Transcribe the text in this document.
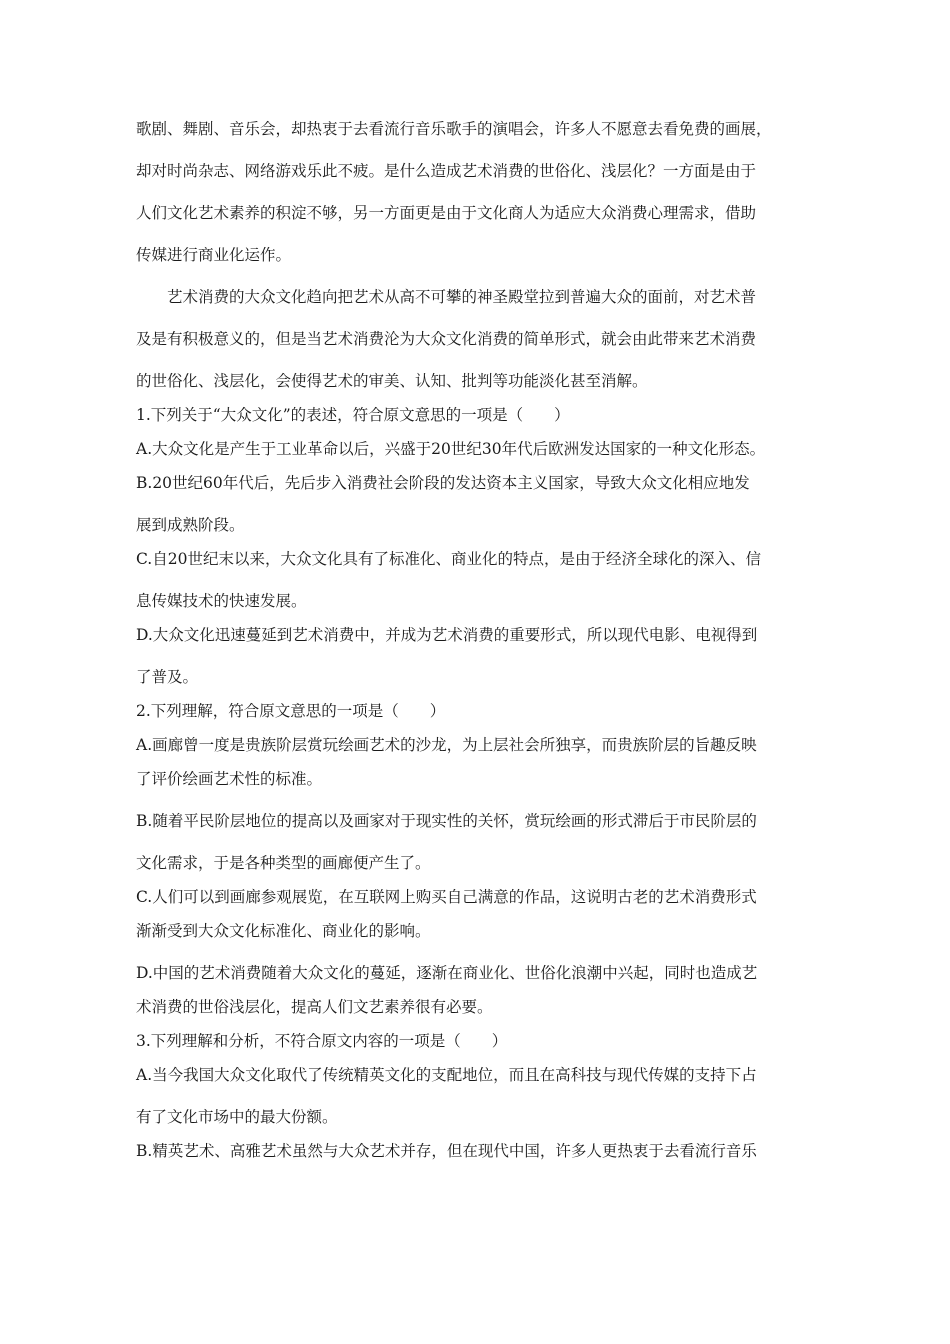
歌剧、舞剧、音乐会，却热衷于去看流行音乐歌手的演唱会，许多人不愿意去看免费的画展，
却对时尚杂志、网络游戏乐此不疲。是什么造成艺术消费的世俗化、浅层化？一方面是由于
人们文化艺术素养的积淀不够，另一方面更是由于文化商人为适应大众消费心理需求，借助
传媒进行商业化运作。
艺术消费的大众文化趋向把艺术从高不可攀的神圣殿堂拉到普遍大众的面前，对艺术普
及是有积极意义的，但是当艺术消费沦为大众文化消费的简单形式，就会由此带来艺术消费
的世俗化、浅层化，会使得艺术的审美、认知、批判等功能淡化甚至消解。
1.下列关于“大众文化”的表述，符合原文意思的一项是（　　）
A.大众文化是产生于工业革命以后，兴盛于20世纪30年代后欧洲发达国家的一种文化形态。
B.20世纪60年代后，先后步入消费社会阶段的发达资本主义国家，导致大众文化相应地发
展到成熟阶段。
C.自20世纪末以来，大众文化具有了标准化、商业化的特点，是由于经济全球化的深入、信
息传媒技术的快速发展。
D.大众文化迅速蔓延到艺术消费中，并成为艺术消费的重要形式，所以现代电影、电视得到
了普及。
2.下列理解，符合原文意思的一项是（　　）
A.画廊曾一度是贵族阶层赏玩绘画艺术的沙龙，为上层社会所独享，而贵族阶层的旨趣反映
了评价绘画艺术性的标准。
B.随着平民阶层地位的提高以及画家对于现实性的关怀，赏玩绘画的形式滞后于市民阶层的
文化需求，于是各种类型的画廊便产生了。
C.人们可以到画廊参观展览，在互联网上购买自己满意的作品，这说明古老的艺术消费形式
渐渐受到大众文化标准化、商业化的影响。
D.中国的艺术消费随着大众文化的蔓延，逐渐在商业化、世俗化浪潮中兴起，同时也造成艺
术消费的世俗浅层化，提高人们文艺素养很有必要。
3.下列理解和分析，不符合原文内容的一项是（　　）
A.当今我国大众文化取代了传统精英文化的支配地位，而且在高科技与现代传媒的支持下占
有了文化市场中的最大份额。
B.精英艺术、高雅艺术虽然与大众艺术并存，但在现代中国，许多人更热衷于去看流行音乐
